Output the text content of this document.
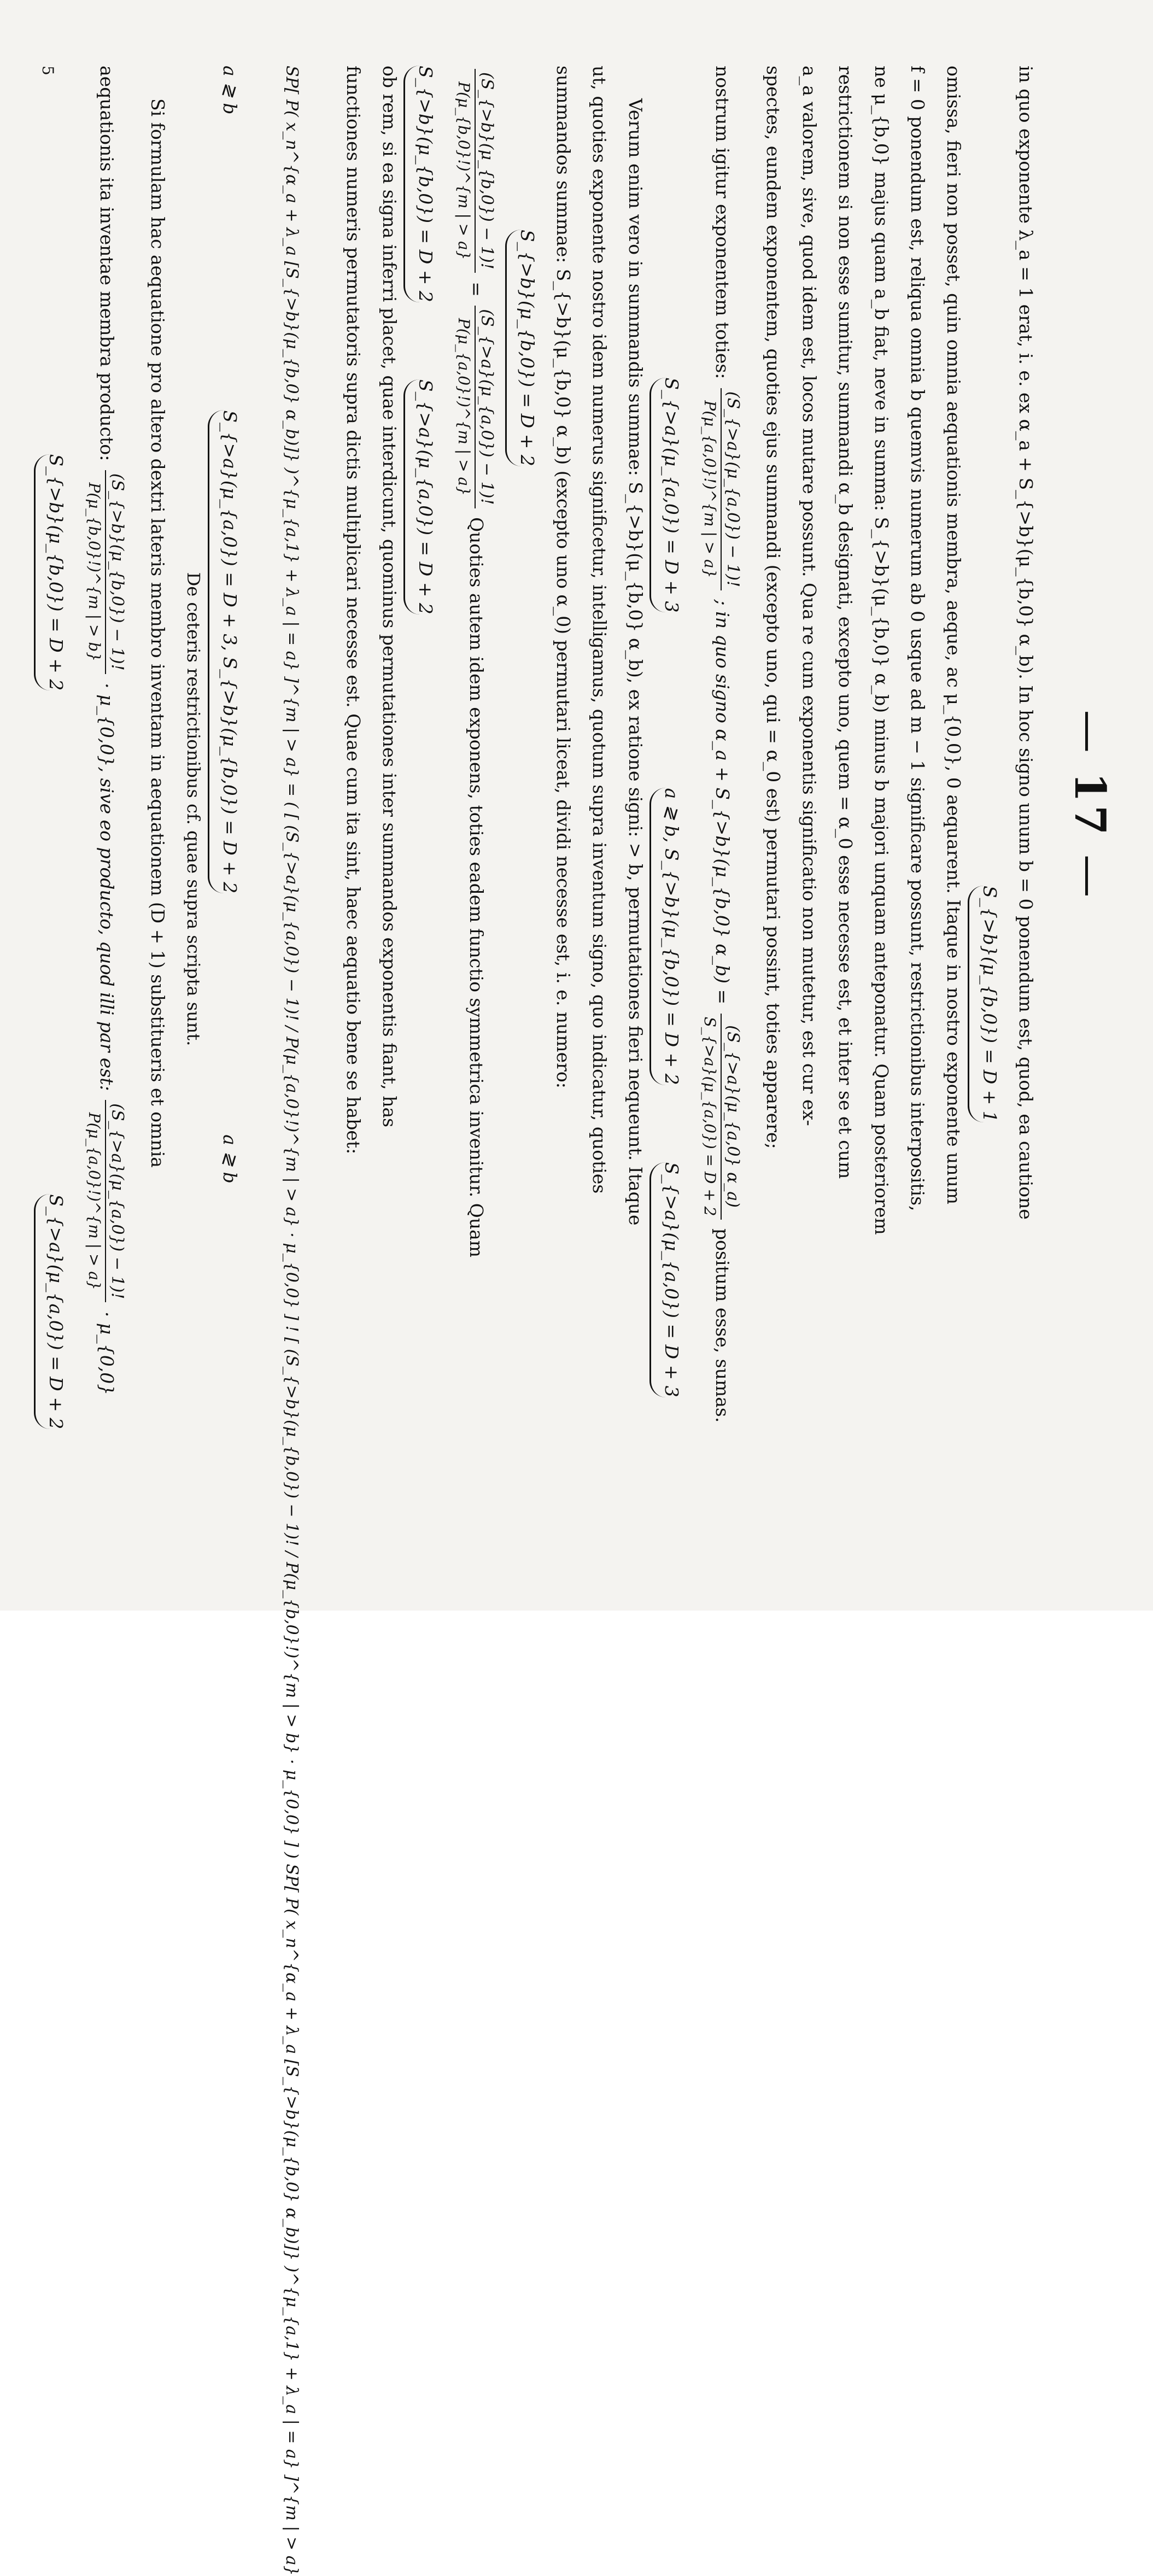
—17—
in quo exponente λ_a = 1 erat, i. e. ex α_a + S_{>b}(μ_{b,0} α_b). In hoc signo unum b = 0 ponendum est, quod, ea cautione
S_{>b}(μ_{b,0}) = D + 1
omissa, fieri non posset, quin omnia aequationis membra, aeque, ac μ_{0,0}, 0 aequarent. Itaque in nostro exponente unum
f = 0 ponendum est, reliqua omnia b quemvis numerum ab 0 usque ad m − 1 significare possunt, restrictionibus interpositis,
ne μ_{b,0} majus quam a_b fiat, neve in summa: S_{>b}(μ_{b,0} α_b) minus b majori unquam anteponatur. Quam posteriorem
restrictionem si non esse sumitur, summandi α_b designati, excepto uno, quem = α_0 esse necesse est, et inter se et cum
a_a valorem, sive, quod idem est, locos mutare possunt. Qua re cum exponentis significatio non mutetur, est cur ex-
spectes, eundem exponentem, quoties ejus summandi (excepto uno, qui = α_0 est) permutari possint, toties apparere;
nostrum igitur exponentem toties:
(S_{>a}(μ_{a,0}) − 1)!
P(μ_{a,0}!)^{m | > a}
; in quo signo α_a + S_{>b}(μ_{b,0} α_b) =
(S_{>a}(μ_{a,0} α_a)
S_{>a}(μ_{a,0}) = D + 2
positum esse, sumas.
S_{>a}(μ_{a,0}) = D + 3  a ≷ b, S_{>b}(μ_{b,0}) = D + 2  S_{>a}(μ_{a,0}) = D + 3
Verum enim vero in summandis summae: S_{>b}(μ_{b,0} α_b), ex ratione signi: > b, permutationes fieri nequeunt. Itaque
ut, quoties exponente nostro idem numerus significetur, intelligamus, quotum supra inventum signo, quo indicatur, quoties
summandos summae: S_{>b}(μ_{b,0} α_b) (excepto uno α_0) permutari liceat, dividi necesse est, i. e. numero:
S_{>b}(μ_{b,0}) = D + 2
(S_{>b}(μ_{b,0}) − 1)!
P(μ_{b,0}!)^{m | > a}
=
(S_{>a}(μ_{a,0}) − 1)!
P(μ_{a,0}!)^{m | > a}
Quoties autem idem exponens, toties eadem functio symmetrica invenitur. Quam
S_{>b}(μ_{b,0}) = D + 2  S_{>a}(μ_{a,0}) = D + 2
ob rem, si ea signa inferri placet, quae interdicunt, quominus permutationes inter summandos exponentis fiant, has
functiones numeris permutatoris supra dictis multiplicari necesse est. Quae cum ita sint, haec aequatio bene se habet:
SP[ P( x_n^{α_a + λ_a [S_{>b}(μ_{b,0} α_b)]} )^{μ_{a,1} + λ_a | = a} ]^{m | > a} = ( [ (S_{>a}(μ_{a,0}) − 1)! / P(μ_{a,0}!)^{m | > a} · μ_{0,0} ] ! [ (S_{>b}(μ_{b,0}) − 1)! / P(μ_{b,0}!)^{m | > b} · μ_{0,0} ] ) SP[ P( x_n^{α_a + λ_a [S_{>b}(μ_{b,0} α_b)]} )^{μ_{a,1} + λ_a | = a} ]^{m | > a}
a ≷ b  S_{>a}(μ_{a,0}) = D + 3, S_{>b}(μ_{b,0}) = D + 2  a ≷ b
De ceteris restrictionibus cf. quae supra scripta sunt.
Si formulam hac aequatione pro altero dextri lateris membro inventam in aequationem (D + 1) substitueris et omnia
aequationis ita inventae membra producto:
(S_{>b}(μ_{b,0}) − 1)!
P(μ_{b,0}!)^{m | > b}
· μ_{0,0}, sive eo producto, quod illi par est:
(S_{>a}(μ_{a,0}) − 1)!
P(μ_{a,0}!)^{m | > a}
· μ_{0,0}
S_{>b}(μ_{b,0}) = D + 2  S_{>a}(μ_{a,0}) = D + 2
5
